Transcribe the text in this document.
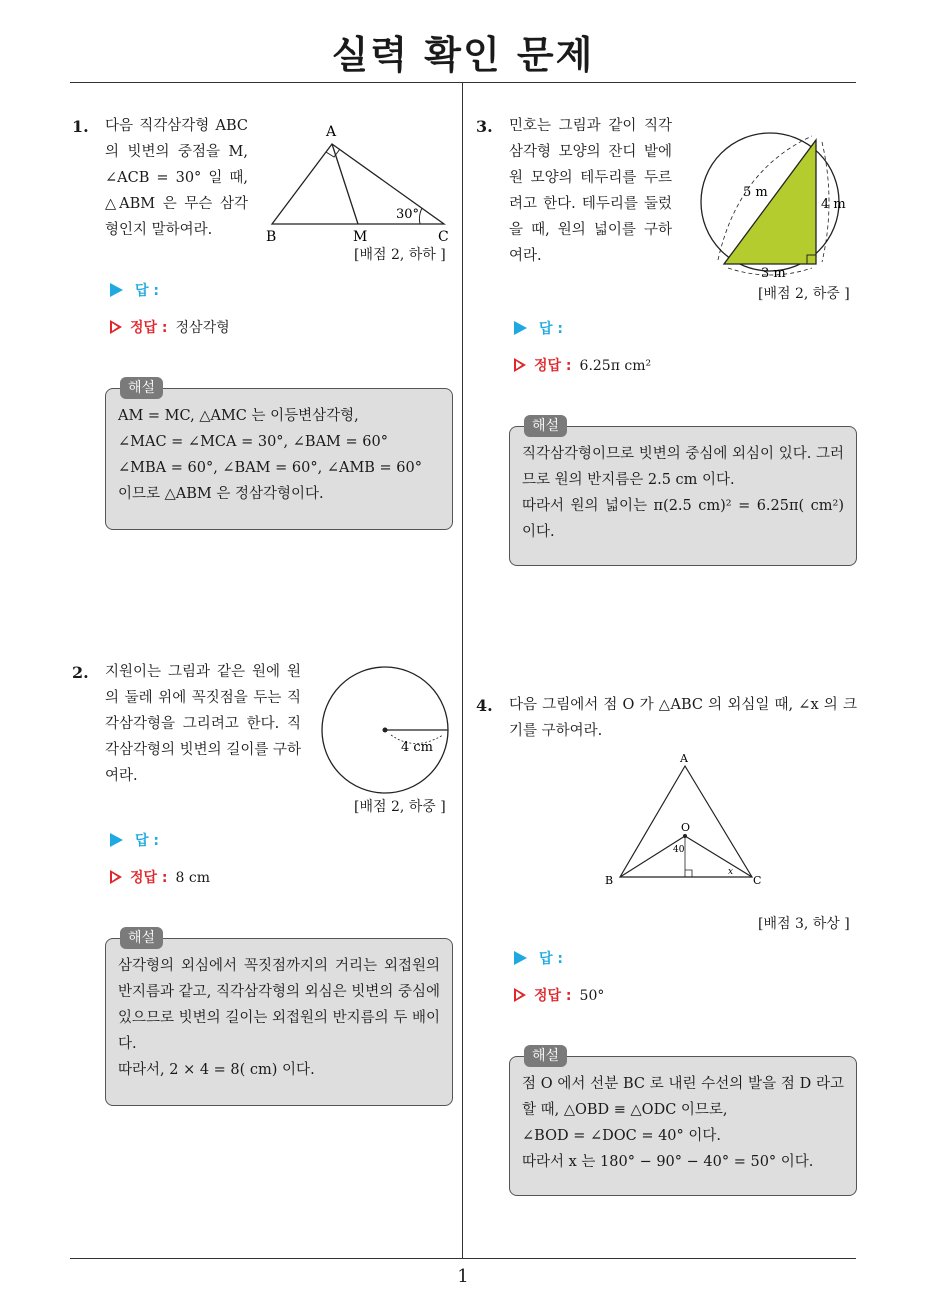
실력 확인 문제
1
1. 다음 직각삼각형 ABC 의 빗변의 중점을 M, ∠ACB = 30° 일 때, △ABM 은 무슨 삼각형인지 말하여라.
A
B	M	C
30°
[배점 2, 하하 ]
답 :
정답 : 정삼각형
해설

AM = MC, △AMC 는 이등변삼각형,

∠MAC = ∠MCA = 30°, ∠BAM = 60°

∠MBA = 60°, ∠BAM = 60°, ∠AMB = 60°

이므로 △ABM 은 정삼각형이다.

2. 지원이는 그림과 같은 원에 원의 둘레 위에 꼭짓점을 두는 직각삼각형을 그리려고 한다. 직각삼각형의 빗변의 길이를 구하여라.
4 cm
[배점 2, 하중 ]
답 :
정답 : 8 cm
해설

삼각형의 외심에서 꼭짓점까지의 거리는 외접원의 반지름과 같고, 직각삼각형의 외심은 빗변의 중심에 있으므로 빗변의 길이는 외접원의 반지름의 두 배이다.

따라서, 2 × 4 = 8( cm) 이다.

3. 민호는 그림과 같이 직각삼각형 모양의 잔디 밭에 원 모양의 테두리를 두르려고 한다. 테두리를 둘렀을 때, 원의 넓이를 구하여라.
5 m
4 m
3 m
[배점 2, 하중 ]
답 :
정답 : 6.25π cm²
해설

직각삼각형이므로 빗변의 중심에 외심이 있다. 그러므로 원의 반지름은 2.5 cm 이다.

따라서 원의 넓이는 π(2.5 cm)² = 6.25π( cm²) 이다.

4. 다음 그림에서 점 O 가 △ABC 의 외심일 때, ∠x 의 크기를 구하여라.
A
O
B	C
40
x
[배점 3, 하상 ]
답 :
정답 : 50°
해설

점 O 에서 선분 BC 로 내린 수선의 발을 점 D 라고 할 때, △OBD ≡ △ODC 이므로,

∠BOD = ∠DOC = 40° 이다.

따라서 x 는 180° − 90° − 40° = 50° 이다.
